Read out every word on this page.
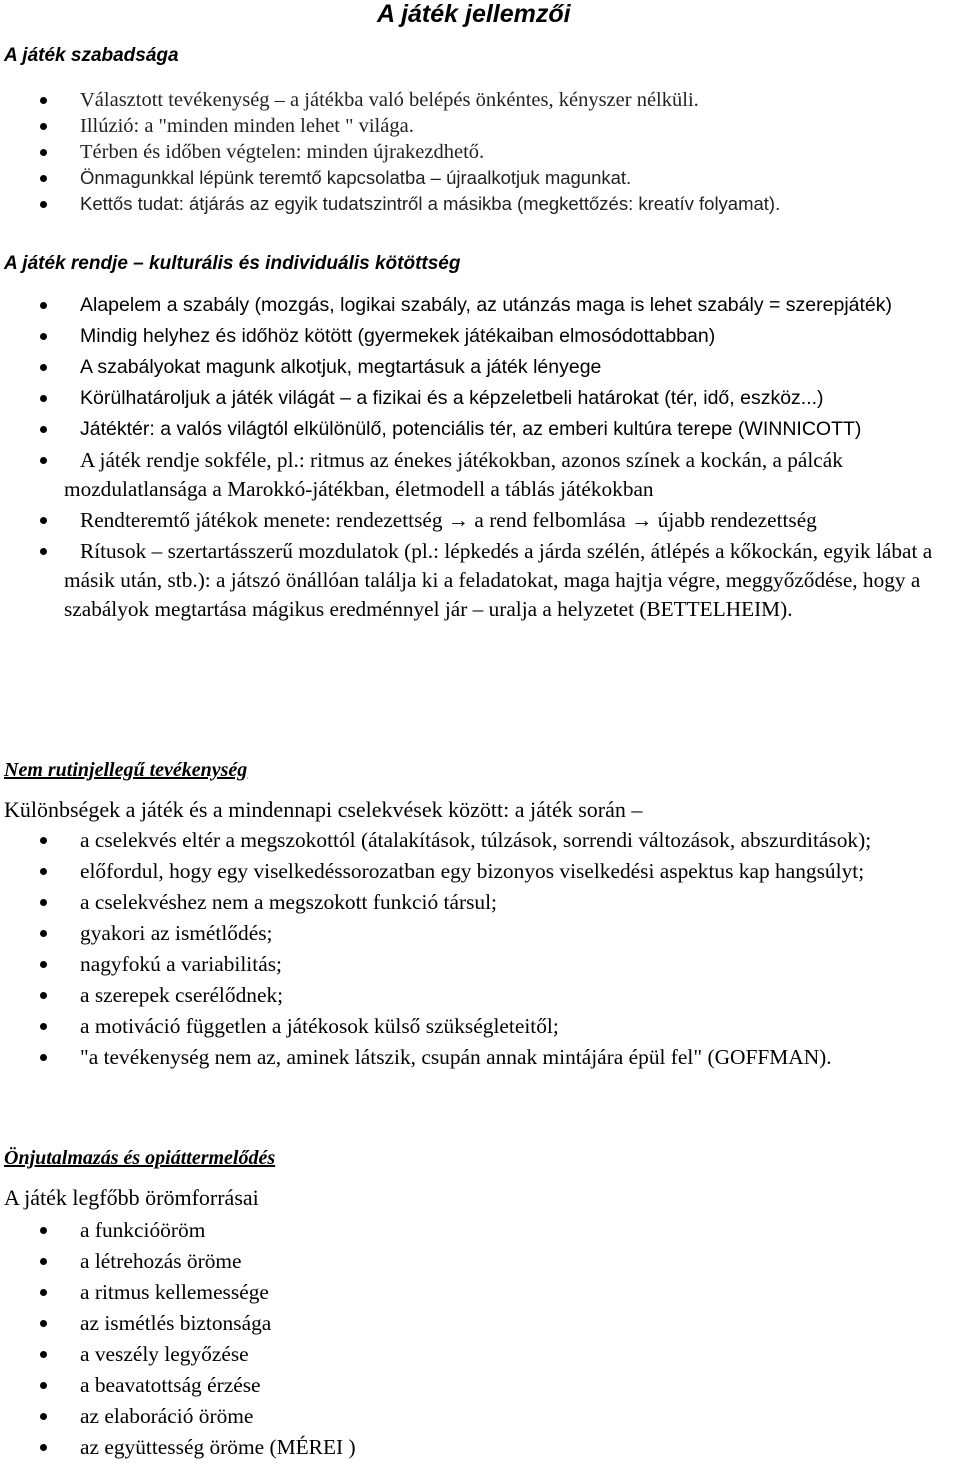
A játék jellemzői
A játék szabadsága
Választott tevékenység – a játékba való belépés önkéntes, kényszer nélküli.
Illúzió: a "minden minden lehet " világa.
Térben és időben végtelen: minden újrakezdhető.
Önmagunkkal lépünk teremtő kapcsolatba – újraalkotjuk magunkat.
Kettős tudat: átjárás az egyik tudatszintről a másikba (megkettőzés: kreatív folyamat).
A játék rendje – kulturális és individuális kötöttség
Alapelem a szabály (mozgás, logikai szabály, az utánzás maga is lehet szabály = szerepjáték)
Mindig helyhez és időhöz kötött (gyermekek játékaiban elmosódottabban)
A szabályokat magunk alkotjuk, megtartásuk a játék lényege
Körülhatároljuk a játék világát – a fizikai és a képzeletbeli határokat (tér, idő, eszköz...)
Játéktér: a valós világtól elkülönülő, potenciális tér, az emberi kultúra terepe (WINNICOTT)
A játék rendje sokféle, pl.: ritmus az énekes játékokban, azonos színek a kockán, a pálcák mozdulatlansága a Marokkó-játékban, életmodell a táblás játékokban
Rendteremtő játékok menete: rendezettség → a rend felbomlása → újabb rendezettség
Rítusok – szertartásszerű mozdulatok (pl.: lépkedés a járda szélén, átlépés a kőkockán, egyik lábat a másik után, stb.): a játszó önállóan találja ki a feladatokat, maga hajtja végre, meggyőződése, hogy a szabályok megtartása mágikus eredménnyel jár – uralja a helyzetet (BETTELHEIM).
Nem rutinjellegű tevékenység

Különbségek a játék és a mindennapi cselekvések között: a játék során –

a cselekvés eltér a megszokottól (átalakítások, túlzások, sorrendi változások, abszurditások);
előfordul, hogy egy viselkedéssorozatban egy bizonyos viselkedési aspektus kap hangsúlyt;
a cselekvéshez nem a megszokott funkció társul;
gyakori az ismétlődés;
nagyfokú a variabilitás;
a szerepek cserélődnek;
a motiváció független a játékosok külső szükségleteitől;
"a tevékenység nem az, aminek látszik, csupán annak mintájára épül fel" (GOFFMAN).
Önjutalmazás és opiáttermelődés

A játék legfőbb örömforrásai

a funkcióöröm
a létrehozás öröme
a ritmus kellemessége
az ismétlés biztonsága
a veszély legyőzése
a beavatottság érzése
az elaboráció öröme
az együttesség öröme (MÉREI )
